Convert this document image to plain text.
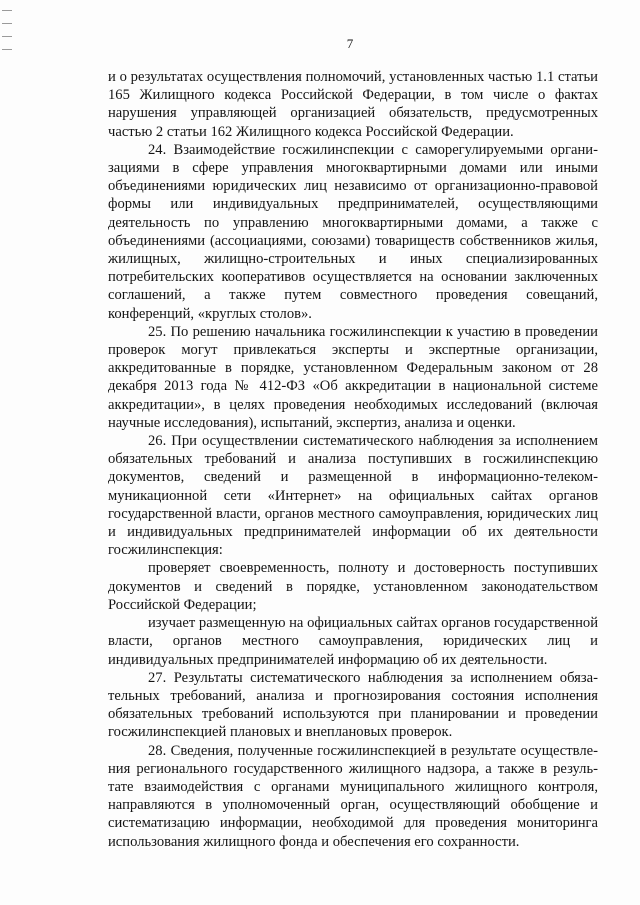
7

и о результатах осуществления полномочий, установленных частью 1.1 статьи 165 Жилищного кодекса Российской Федерации, в том числе о фактах нарушения управляющей организацией обязательств, предусмотренных частью 2 статьи 162 Жилищного кодекса Российской Федерации.

24. Взаимодействие госжилинспекции с саморегулируемыми организациями в сфере управления многоквартирными домами или иными объединениями юридических лиц независимо от организационно-правовой формы или индивидуальных предпринимателей, осуществляющими деятельность по управлению многоквартирными домами, а также с объединениями (ассоциациями, союзами) товариществ собственников жилья, жилищных, жилищно-строительных и иных специализированных потребительских кооперативов осуществляется на основании заключенных соглашений, а также путем совместного проведения совещаний, конференций, «круглых столов».

25. По решению начальника госжилинспекции к участию в проведении проверок могут привлекаться эксперты и экспертные организации, аккредитованные в порядке, установленном Федеральным законом от 28 декабря 2013 года № 412-ФЗ «Об аккредитации в национальной системе аккредитации», в целях проведения необходимых исследований (включая научные исследования), испытаний, экспертиз, анализа и оценки.

26. При осуществлении систематического наблюдения за исполнением обязательных требований и анализа поступивших в госжилинспекцию документов, сведений и размещенной в информационно-телекоммуникационной сети «Интернет» на официальных сайтах органов государственной власти, органов местного самоуправления, юридических лиц и индивидуальных предпринимателей информации об их деятельности госжилинспекция:

проверяет своевременность, полноту и достоверность поступивших документов и сведений в порядке, установленном законодательством Российской Федерации;

изучает размещенную на официальных сайтах органов государственной власти, органов местного самоуправления, юридических лиц и индивидуальных предпринимателей информацию об их деятельности.

27. Результаты систематического наблюдения за исполнением обязательных требований, анализа и прогнозирования состояния исполнения обязательных требований используются при планировании и проведении госжилинспекцией плановых и внеплановых проверок.

28. Сведения, полученные госжилинспекцией в результате осуществления регионального государственного жилищного надзора, а также в результате взаимодействия с органами муниципального жилищного контроля, направляются в уполномоченный орган, осуществляющий обобщение и систематизацию информации, необходимой для проведения мониторинга использования жилищного фонда и обеспечения его сохранности.
